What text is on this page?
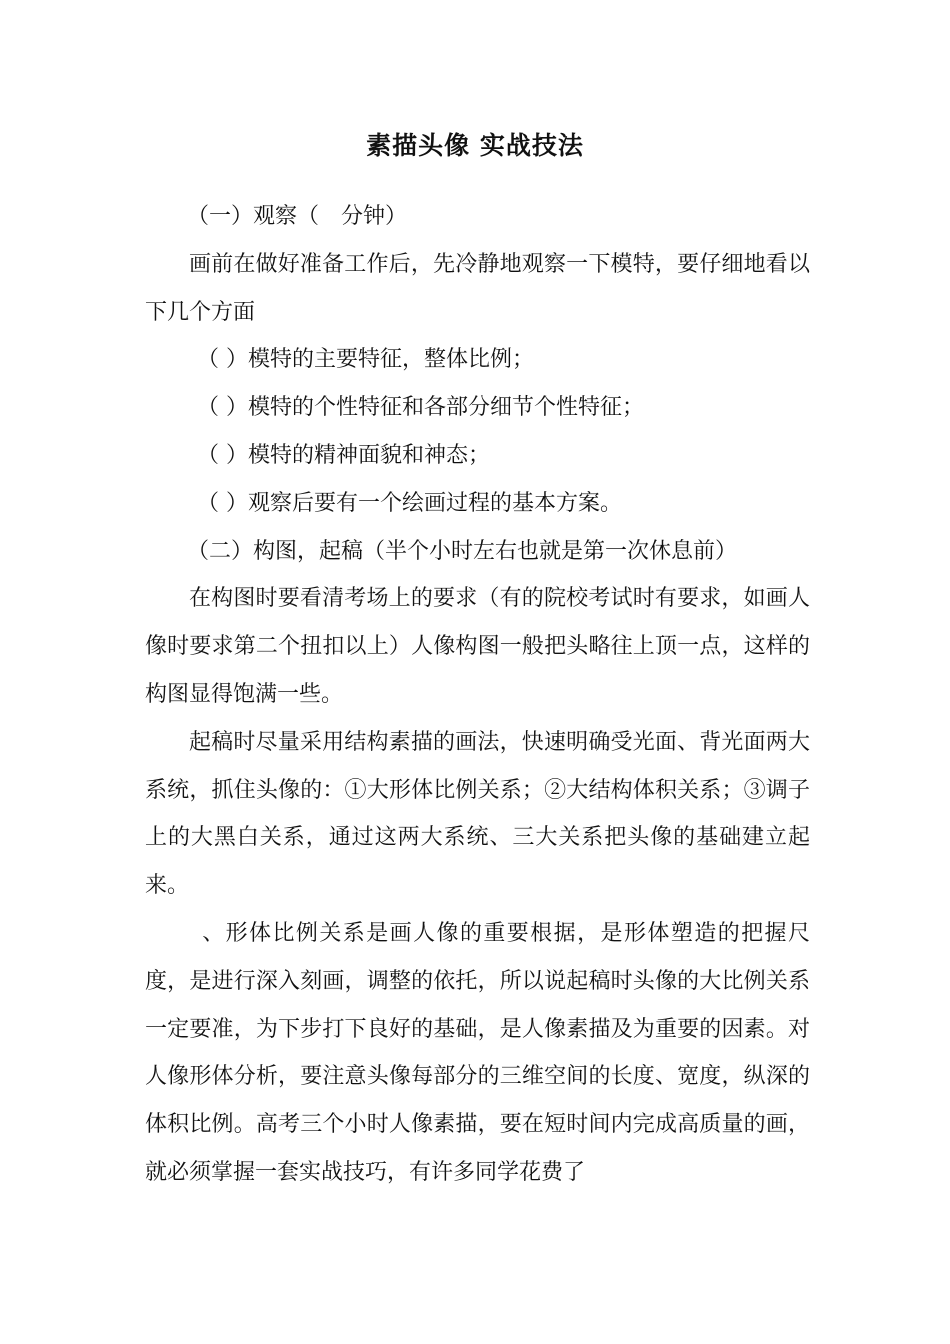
素描头像 实战技法

（一）观察（　分钟）

画前在做好准备工作后，先冷静地观察一下模特，要仔细地看以下几个方面

（ ）模特的主要特征，整体比例；

（ ）模特的个性特征和各部分细节个性特征；

（ ）模特的精神面貌和神态；

（ ）观察后要有一个绘画过程的基本方案。

（二）构图，起稿（半个小时左右也就是第一次休息前）

在构图时要看清考场上的要求（有的院校考试时有要求，如画人像时要求第二个扭扣以上）人像构图一般把头略往上顶一点，这样的构图显得饱满一些。

起稿时尽量采用结构素描的画法，快速明确受光面、背光面两大系统，抓住头像的：①大形体比例关系；②大结构体积关系；③调子上的大黑白关系，通过这两大系统、三大关系把头像的基础建立起来。

、形体比例关系是画人像的重要根据，是形体塑造的把握尺度，是进行深入刻画，调整的依托，所以说起稿时头像的大比例关系一定要准，为下步打下良好的基础，是人像素描及为重要的因素。对人像形体分析，要注意头像每部分的三维空间的长度、宽度，纵深的体积比例。高考三个小时人像素描，要在短时间内完成高质量的画，就必须掌握一套实战技巧，有许多同学花费了
